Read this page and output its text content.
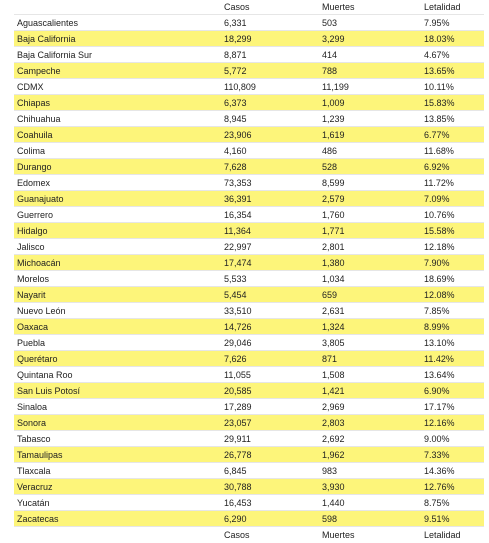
	Casos	Muertes	Letalidad
Aguascalientes	6,331	503	7.95%
Baja California	18,299	3,299	18.03%
Baja California Sur	8,871	414	4.67%
Campeche	5,772	788	13.65%
CDMX	110,809	11,199	10.11%
Chiapas	6,373	1,009	15.83%
Chihuahua	8,945	1,239	13.85%
Coahuila	23,906	1,619	6.77%
Colima	4,160	486	11.68%
Durango	7,628	528	6.92%
Edomex	73,353	8,599	11.72%
Guanajuato	36,391	2,579	7.09%
Guerrero	16,354	1,760	10.76%
Hidalgo	11,364	1,771	15.58%
Jalisco	22,997	2,801	12.18%
Michoacán	17,474	1,380	7.90%
Morelos	5,533	1,034	18.69%
Nayarit	5,454	659	12.08%
Nuevo León	33,510	2,631	7.85%
Oaxaca	14,726	1,324	8.99%
Puebla	29,046	3,805	13.10%
Querétaro	7,626	871	11.42%
Quintana Roo	11,055	1,508	13.64%
San Luis Potosí	20,585	1,421	6.90%
Sinaloa	17,289	2,969	17.17%
Sonora	23,057	2,803	12.16%
Tabasco	29,911	2,692	9.00%
Tamaulipas	26,778	1,962	7.33%
Tlaxcala	6,845	983	14.36%
Veracruz	30,788	3,930	12.76%
Yucatán	16,453	1,440	8.75%
Zacatecas	6,290	598	9.51%
	Casos	Muertes	Letalidad
